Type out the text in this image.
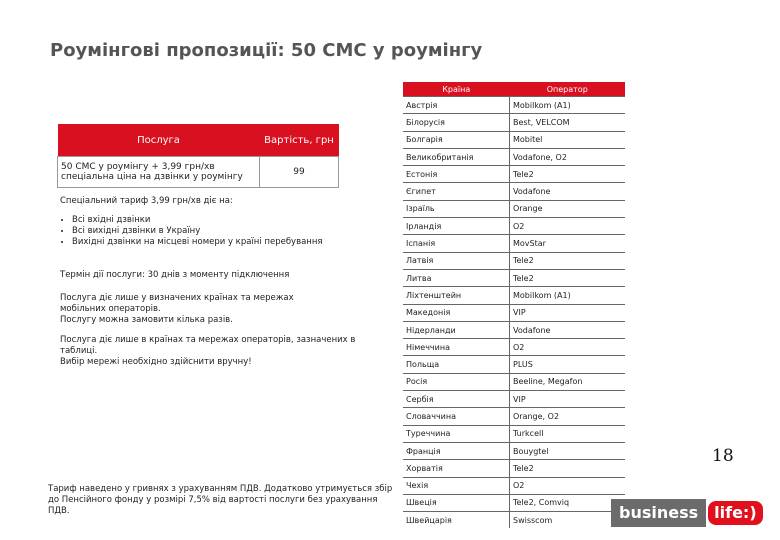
Роумінгові пропозиції: 50 СМС у роумінгу
Послуга	Вартість, грн
50 СМС у роумінгу + 3,99 грн/хв спеціальна ціна на дзвінки у роумінгу	99
Спеціальний тариф 3,99 грн/хв діє на:
• Всі вхідні дзвінки
• Всі вихідні дзвінки в Україну
• Вихідні дзвінки на місцеві номери у країні перебування
Термін дії послуги: 30 днів з моменту підключення
Послуга діє лише у визначених країнах та мережах
мобільних операторів.
Послугу можна замовити кілька разів.
Послуга діє лише в країнах та мережах операторів, зазначених в
таблиці.
Вибір мережі необхідно здійснити вручну!
Тариф наведено у гривнях з урахуванням ПДВ. Додатково утримується збір
до Пенсійного фонду у розмірі 7,5% від вартості послуги без урахування
ПДВ.
Країна	Оператор
Австрія	Mobilkom (A1)
Білорусія	Best, VELCOM
Болгарія	Mobitel
Великобританія	Vodafone, O2
Естонія	Tele2
Єгипет	Vodafone
Ізраїль	Orange
Ірландія	O2
Іспанія	MovStar
Латвія	Tele2
Литва	Tele2
Ліхтенштейн	Mobilkom (A1)
Македонія	VIP
Нідерланди	Vodafone
Німеччина	O2
Польща	PLUS
Росія	Beeline, Megafon
Сербія	VIP
Словаччина	Orange, O2
Туреччина	Turkcell
Франція	Bouygtel
Хорватія	Tele2
Чехія	O2
Швеція	Tele2, Comviq
Швейцарія	Swisscom
18
business	life:)
